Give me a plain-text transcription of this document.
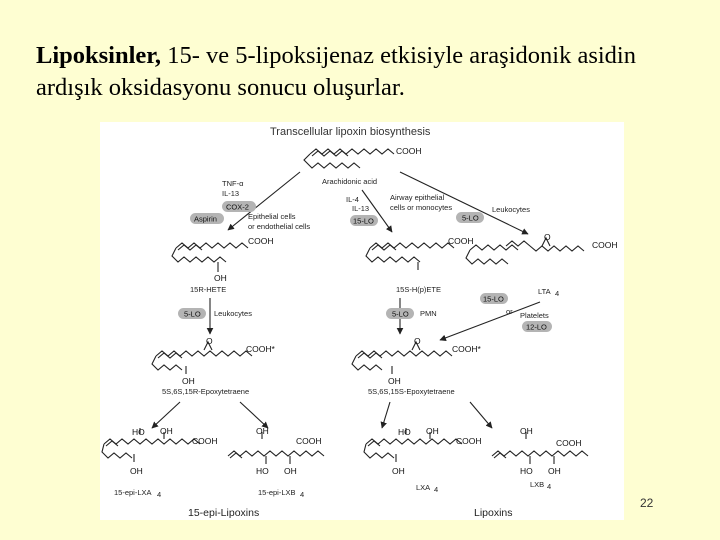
Lipoksinler, 15- ve 5-lipoksijenaz etkisiyle araşidonik asidin ardışık oksidasyonu sonucu oluşurlar.
Transcellular lipoxin biosynthesis
COOH
Arachidonic acid
TNF-α
IL-13
COX-2
Aspirin	Epithelial cells
or endothelial cells
IL-4
IL-13
15-LO
Airway epithelial
cells or monocytes
5-LO
Leukocytes
COOH
OH
15R-HETE
COOH
15S-H(p)ETE
O
COOH
LTA 4
15-LO
or Platelets
12-LO
5-LO Leukocytes	5-LO PMN
O
COOH*
OH
5S,6S,15R-Epoxytetraene
O
COOH*
OH
5S,6S,15S-Epoxytetraene
HO OH
COOH
OH
15-epi-LXA 4
OH
COOH
HO OH
15-epi-LXB 4
HO OH
COOH
OH
LXA 4
OH
COOH
HO OH
LXB 4
15-epi-Lipoxins	Lipoxins
22
